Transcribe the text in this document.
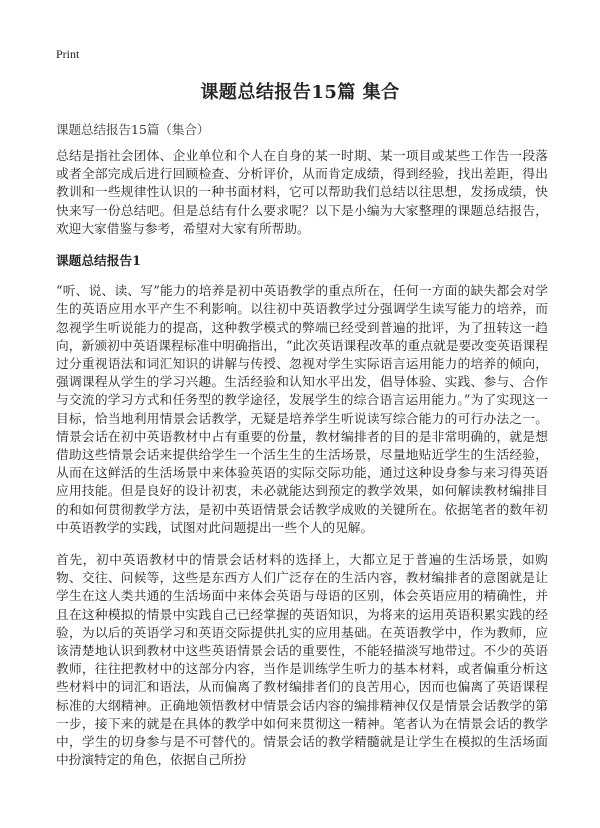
Print
课题总结报告15篇 集合
课题总结报告15篇（集合）

总结是指社会团体、企业单位和个人在自身的某一时期、某一项目或某些工作告一段落或者全部完成后进行回顾检查、分析评价，从而肯定成绩，得到经验，找出差距，得出教训和一些规律性认识的一种书面材料，它可以帮助我们总结以往思想，发扬成绩，快快来写一份总结吧。但是总结有什么要求呢？以下是小编为大家整理的课题总结报告，欢迎大家借鉴与参考，希望对大家有所帮助。

课题总结报告1

“听、说、读、写”能力的培养是初中英语教学的重点所在，任何一方面的缺失都会对学生的英语应用水平产生不利影响。以往初中英语教学过分强调学生读写能力的培养，而忽视学生听说能力的提高，这种教学模式的弊端已经受到普遍的批评，为了扭转这一趋向，新颁初中英语课程标准中明确指出，“此次英语课程改革的重点就是要改变英语课程过分重视语法和词汇知识的讲解与传授、忽视对学生实际语言运用能力的培养的倾向，强调课程从学生的学习兴趣。生活经验和认知水平出发，倡导体验、实践、参与、合作与交流的学习方式和任务型的教学途径，发展学生的综合语言运用能力。”为了实现这一目标，恰当地利用情景会话教学，无疑是培养学生听说读写综合能力的可行办法之一。情景会话在初中英语教材中占有重要的份量，教材编排者的目的是非常明确的，就是想借助这些情景会话来提供给学生一个活生生的生活场景，尽量地贴近学生的生活经验，从而在这鲜活的生活场景中来体验英语的实际交际功能，通过这种设身参与来习得英语应用技能。但是良好的设计初衷，未必就能达到预定的教学效果，如何解读教材编排目的和如何贯彻教学方法，是初中英语情景会话教学成败的关键所在。依据笔者的数年初中英语教学的实践，试图对此问题提出一些个人的见解。

首先，初中英语教材中的情景会话材料的选择上，大都立足于普遍的生活场景，如购物、交往、问候等，这些是东西方人们广泛存在的生活内容，教材编排者的意图就是让学生在这人类共通的生活场面中来体会英语与母语的区别，体会英语应用的精确性，并且在这种模拟的情景中实践自己已经掌握的英语知识，为将来的运用英语积累实践的经验，为以后的英语学习和英语交际提供扎实的应用基础。在英语教学中，作为教师，应该清楚地认识到教材中这些英语情景会话的重要性，不能轻描淡写地带过。不少的英语教师，往往把教材中的这部分内容，当作是训练学生听力的基本材料，或者偏重分析这些材料中的词汇和语法，从而偏离了教材编排者们的良苦用心，因而也偏离了英语课程标准的大纲精神。正确地领悟教材中情景会话内容的编排精神仅仅是情景会话教学的第一步，接下来的就是在具体的教学中如何来贯彻这一精神。笔者认为在情景会话的教学中，学生的切身参与是不可替代的。情景会话的教学精髓就是让学生在模拟的生活场面中扮演特定的角色，依据自己所扮
